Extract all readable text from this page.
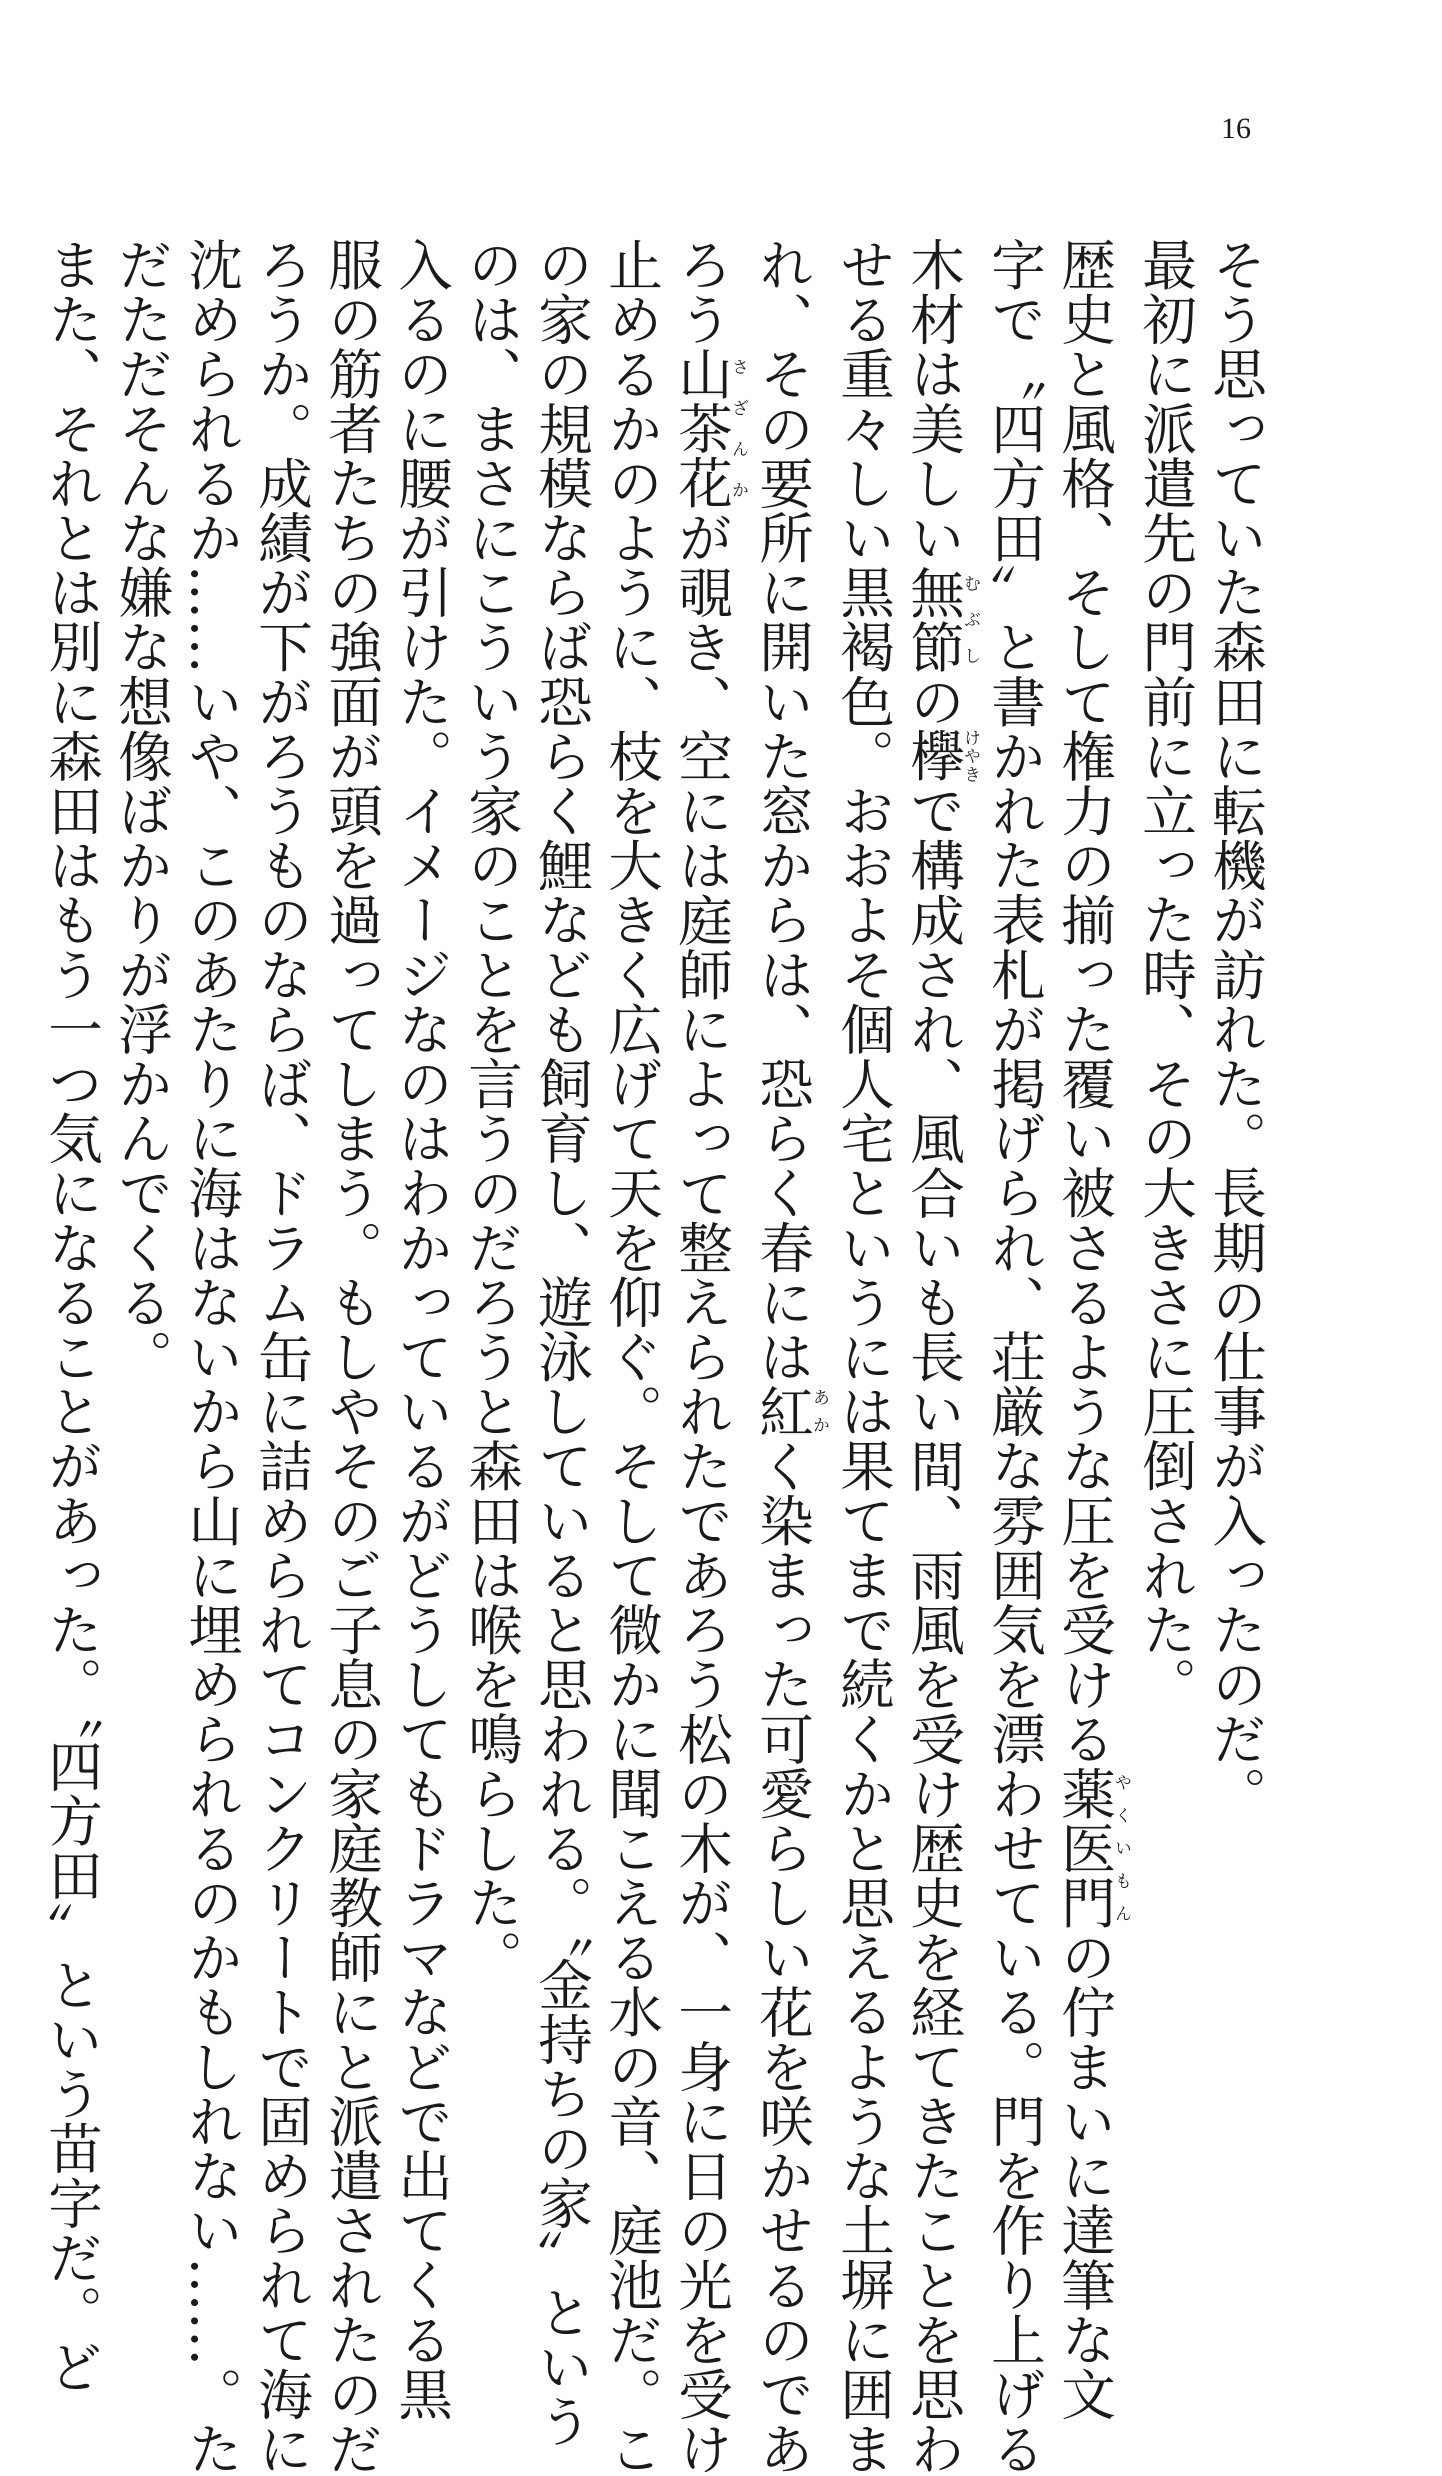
16
そう思っていた森田に転機が訪れた。長期の仕事が入ったのだ。
最初に派遣先の門前に立った時、その大きさに圧倒された。
歴史と風格、そして権力の揃った覆い被さるような圧を受ける薬医門やくいもんの佇まいに達筆な文
字で〝四方田〟と書かれた表札が掲げられ、荘厳な雰囲気を漂わせている。門を作り上げる
木材は美しい無節むぶしの欅けやきで構成され、風合いも長い間、雨風を受け歴史を経てきたことを思わ
せる重々しい黒褐色。おおよそ個人宅というには果てまで続くかと思えるような土塀に囲ま
れ、その要所に開いた窓からは、恐らく春には紅あかく染まった可愛らしい花を咲かせるのであ
ろう山茶花さざんかが覗き、空には庭師によって整えられたであろう松の木が、一身に日の光を受け
止めるかのように、枝を大きく広げて天を仰ぐ。そして微かに聞こえる水の音、庭池だ。こ
の家の規模ならば恐らく鯉なども飼育し、遊泳していると思われる。〝金持ちの家〟という
のは、まさにこういう家のことを言うのだろうと森田は喉を鳴らした。
入るのに腰が引けた。イメージなのはわかっているがどうしてもドラマなどで出てくる黒
服の筋者たちの強面が頭を過ってしまう。もしやそのご子息の家庭教師にと派遣されたのだ
ろうか。成績が下がろうものならば、ドラム缶に詰められてコンクリートで固められて海に
沈められるか……いや、このあたりに海はないから山に埋められるのかもしれない……。た
だただそんな嫌な想像ばかりが浮かんでくる。
また、それとは別に森田はもう一つ気になることがあった。〝四方田〟という苗字だ。ど
